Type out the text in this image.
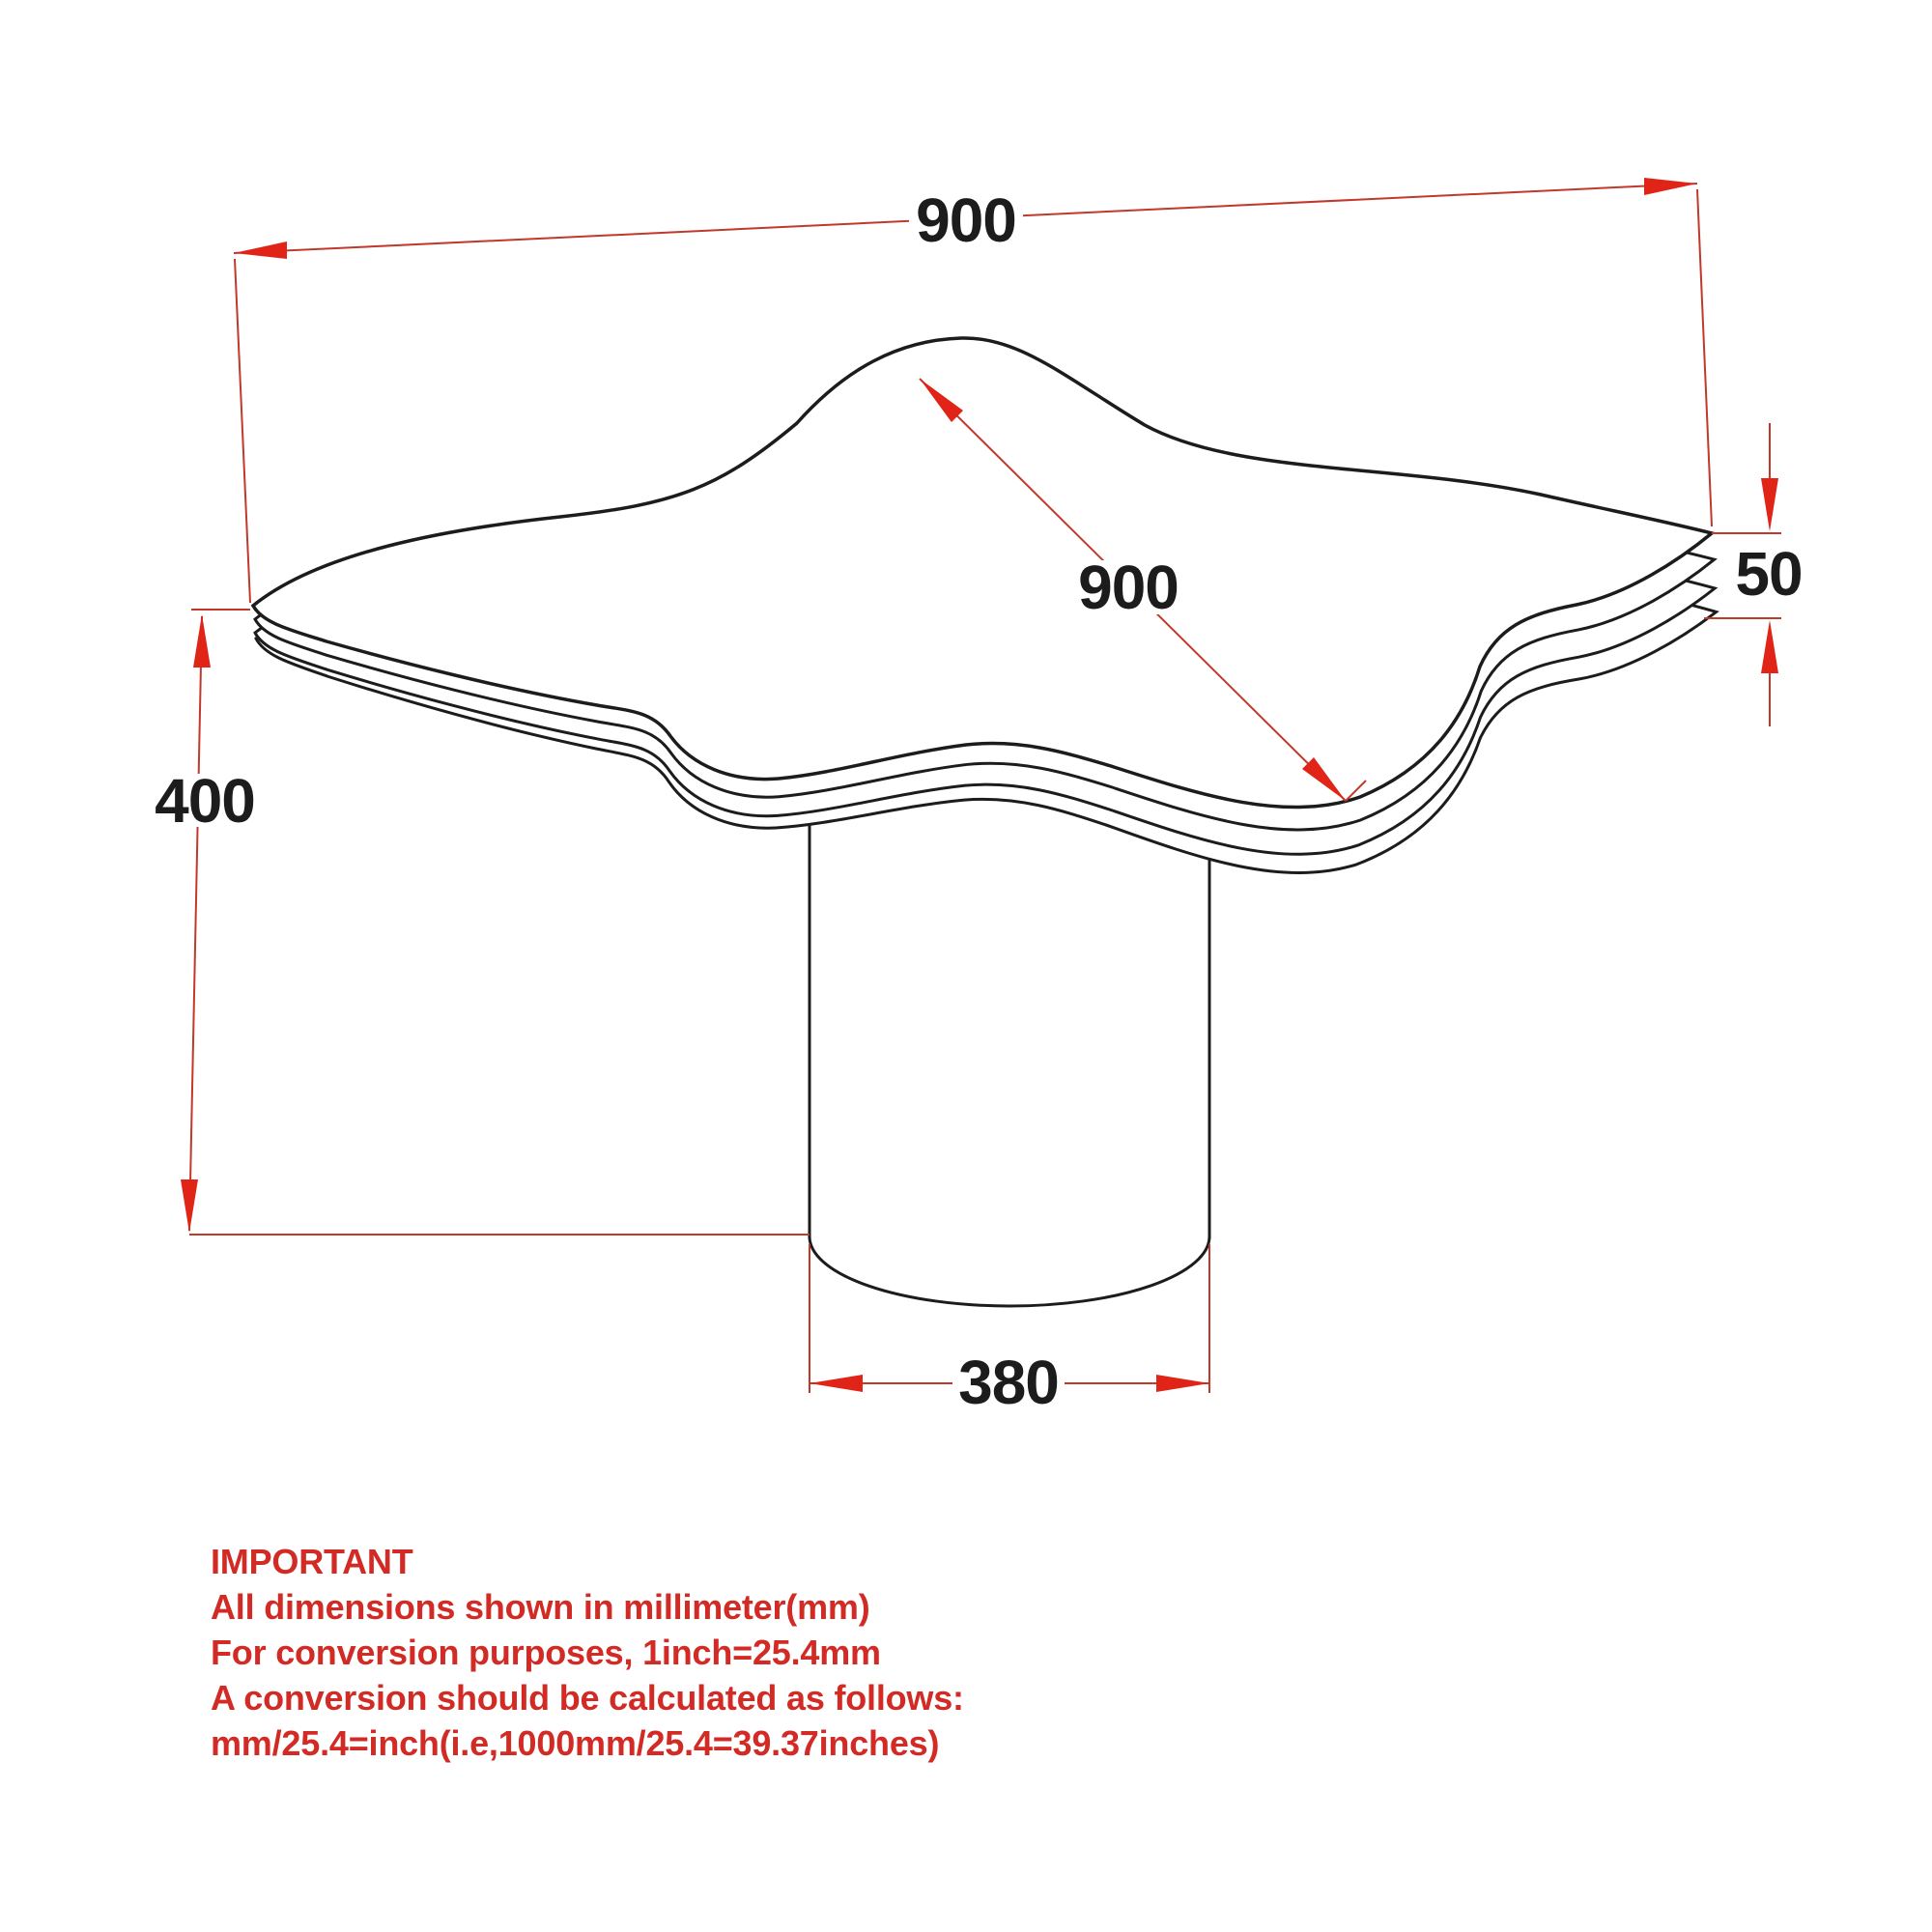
900
900	50
400
380

IMPORTANT

All dimensions shown in millimeter(mm)

For conversion purposes, 1inch=25.4mm

A conversion should be calculated as follows:

mm/25.4=inch(i.e,1000mm/25.4=39.37inches)
